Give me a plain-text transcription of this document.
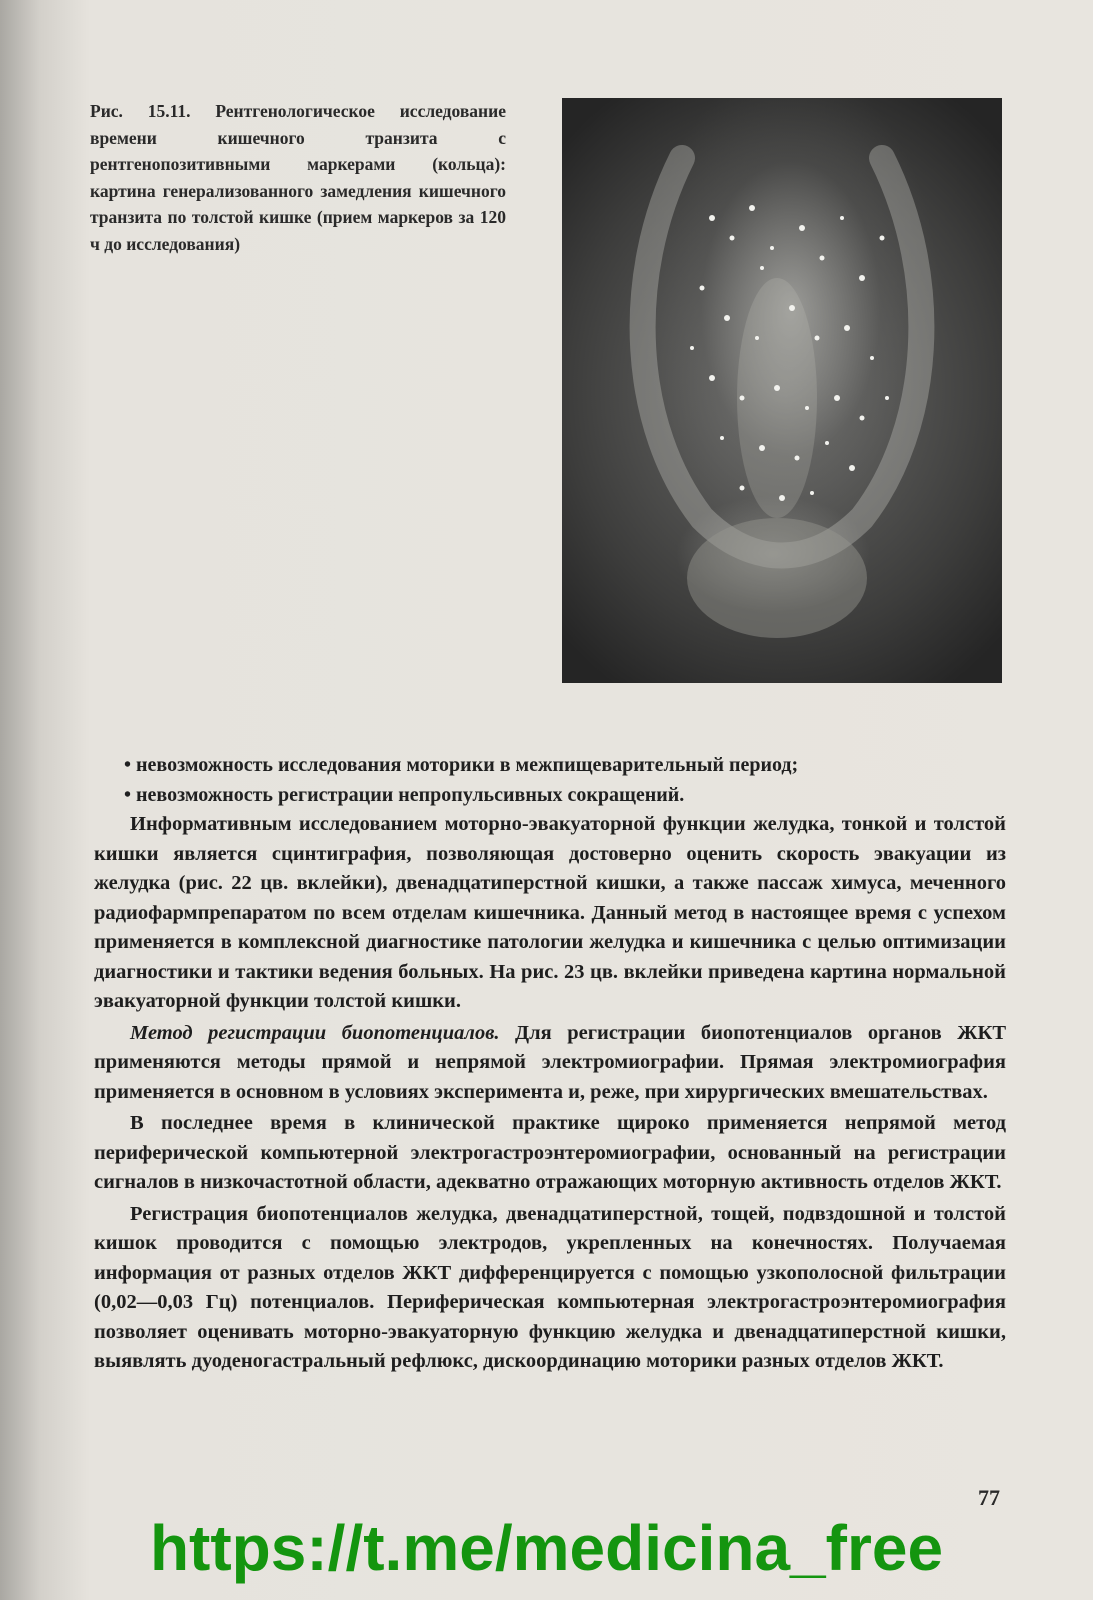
Рис. 15.11. Рентгенологическое исследование времени кишечного транзита с рентгенопозитивными маркерами (кольца): картина генерализованного замедления кишечного транзита по толстой кишке (прием маркеров за 120 ч до исследования)
• невозможность исследования моторики в межпищеварительный период;
• невозможность регистрации непропульсивных сокращений.

Информативным исследованием моторно-эвакуаторной функции желудка, тонкой и толстой кишки является сцинтиграфия, позволяющая достоверно оценить скорость эвакуации из желудка (рис. 22 цв. вклейки), двенадцатиперстной кишки, а также пассаж химуса, меченного радиофармпрепаратом по всем отделам кишечника. Данный метод в настоящее время с успехом применяется в комплексной диагностике патологии желудка и кишечника с целью оптимизации диагностики и тактики ведения больных. На рис. 23 цв. вклейки приведена картина нормальной эвакуаторной функции толстой кишки.

Метод регистрации биопотенциалов. Для регистрации биопотенциалов органов ЖКТ применяются методы прямой и непрямой электромиографии. Прямая электромиография применяется в основном в условиях эксперимента и, реже, при хирургических вмешательствах.

В последнее время в клинической практике щироко применяется непрямой метод периферической компьютерной электрогастроэнтеромиографии, основанный на регистрации сигналов в низкочастотной области, адекватно отражающих моторную активность отделов ЖКТ.

Регистрация биопотенциалов желудка, двенадцатиперстной, тощей, подвздошной и толстой кишок проводится с помощью электродов, укрепленных на конечностях. Получаемая информация от разных отделов ЖКТ дифференцируется с помощью узкополосной фильтрации (0,02—0,03 Гц) потенциалов. Периферическая компьютерная электрогастроэнтеромиография позволяет оценивать моторно-эвакуаторную функцию желудка и двенадцатиперстной кишки, выявлять дуоденогастральный рефлюкс, дискоординацию моторики разных отделов ЖКТ.

77
https://t.me/medicina_free
